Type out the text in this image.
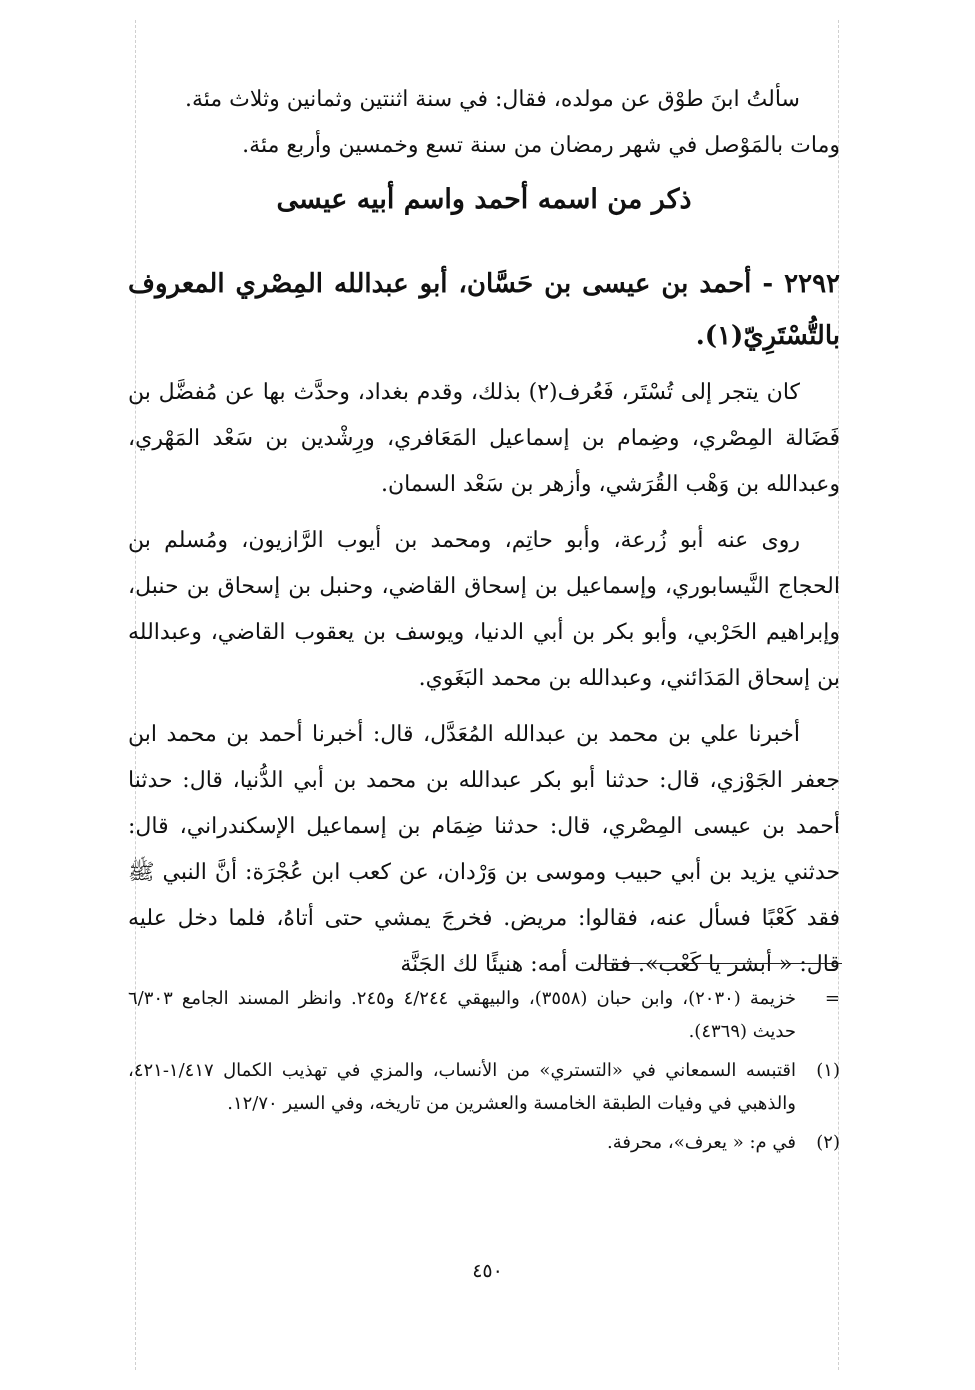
سألتُ ابنَ طوْق عن مولده، فقال: في سنة اثنتين وثمانين وثلاث مئة.

ومات بالمَوْصل في شهر رمضان من سنة تسع وخمسين وأربع مئة.

ذكر من اسمه أحمد واسم أبيه عيسى

٢٢٩٢ - أحمد بن عيسى بن حَسَّان، أبو عبدالله المِصْري المعروف بالتُّسْتَرِيّ(١).

كان يتجر إلى تُسْتَر، فَعُرف(٢) بذلك، وقدم بغداد، وحدَّث بها عن مُفضَّل بن فَضَالة المِصْري، وضِمام بن إسماعيل المَعَافري، ورِشْدين بن سَعْد المَهْري، وعبدالله بن وَهْب القُرَشي، وأزهر بن سَعْد السمان.

روى عنه أبو زُرعة، وأبو حاتِم، ومحمد بن أيوب الرَّازيون، ومُسلم بن الحجاج النَّيسابوري، وإسماعيل بن إسحاق القاضي، وحنبل بن إسحاق بن حنبل، وإبراهيم الحَرْبي، وأبو بكر بن أبي الدنيا، ويوسف بن يعقوب القاضي، وعبدالله بن إسحاق المَدَائني، وعبدالله بن محمد البَغَوي.

أخبرنا علي بن محمد بن عبدالله المُعَدَّل، قال: أخبرنا أحمد بن محمد ابن جعفر الجَوْزي، قال: حدثنا أبو بكر عبدالله بن محمد بن أبي الدُّنيا، قال: حدثنا أحمد بن عيسى المِصْري، قال: حدثنا ضِمَام بن إسماعيل الإسكندراني، قال: حدثني يزيد بن أبي حبيب وموسى بن وَرْدان، عن كعب ابن عُجْرَة: أنَّ النبي ﷺ فقد كَعْبًا فسأل عنه، فقالوا: مريض. فخرجَ يمشي حتى أتاهُ، فلما دخل عليه قال: « أبشر يا كَعْب». فقالت أمه: هنيئًا لك الجَنَّة

=
خزيمة (٢٠٣٠)، وابن حبان (٣٥٥٨)، والبيهقي ٤/٢٤٤ و٢٤٥. وانظر المسند الجامع ٦/٣٠٣ حديث (٤٣٦٩).
(١)
اقتبسه السمعاني في «التستري» من الأنساب، والمزي في تهذيب الكمال ١/٤١٧-٤٢١، والذهبي في وفيات الطبقة الخامسة والعشرين من تاريخه، وفي السير ١٢/٧٠.
(٢)
في م: « يعرف»، محرفة.
٤٥٠
